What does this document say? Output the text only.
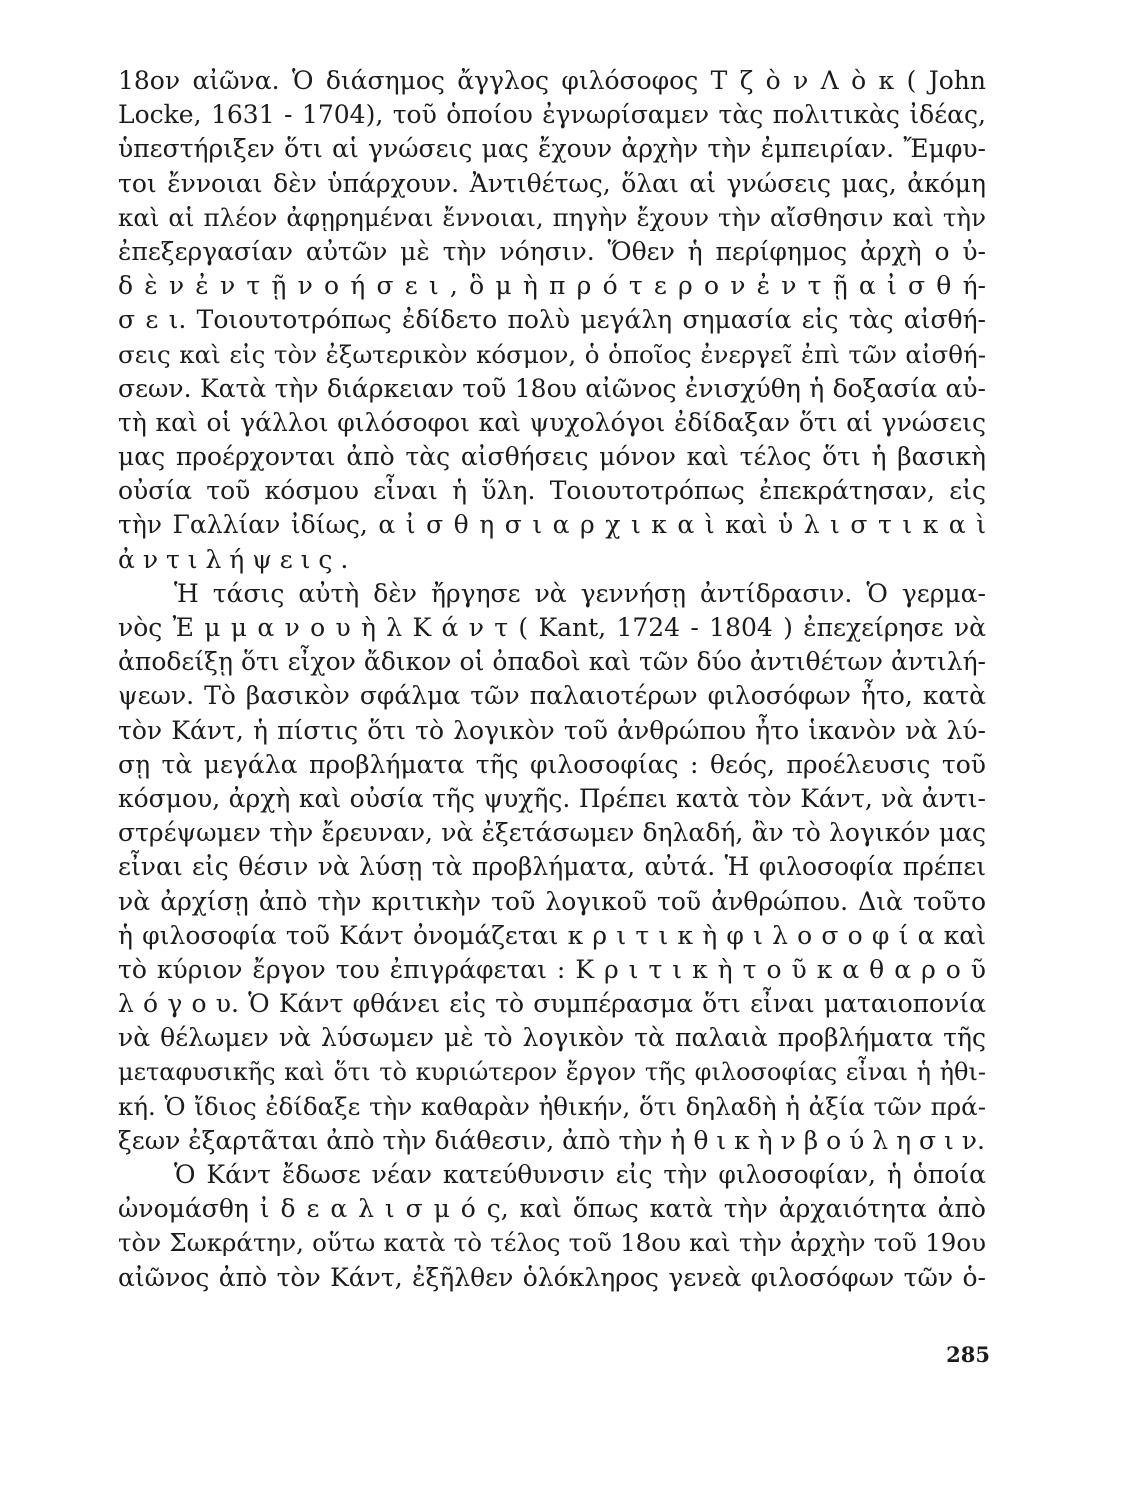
18ον αἰῶνα. Ὁ διάσημος ἄγγλος φιλόσοφος Τ ζ ὸ ν Λ ὸ κ ( John
Locke, 1631 - 1704), τοῦ ὁποίου ἐγνωρίσαμεν τὰς πολιτικὰς ἰδέας,
ὑπεστήριξεν ὅτι αἱ γνώσεις μας ἔχουν ἀρχὴν τὴν ἐμπειρίαν. Ἔμφυ-
τοι ἔννοιαι δὲν ὑπάρχουν. Ἀντιθέτως, ὅλαι αἱ γνώσεις μας, ἀκόμη
καὶ αἱ πλέον ἀφῃρημέναι ἔννοιαι, πηγὴν ἔχουν τὴν αἴσθησιν καὶ τὴν
ἐπεξεργασίαν αὐτῶν μὲ τὴν νόησιν. Ὅθεν ἡ περίφημος ἀρχὴ ο ὐ-
δ ὲ ν ἐ ν τ ῇ ν ο ή σ ε ι , ὃ μ ὴ π ρ ό τ ε ρ ο ν ἐ ν τ ῇ α ἰ σ θ ή-
σ ε ι. Τοιουτοτρόπως ἐδίδετο πολὺ μεγάλη σημασία εἰς τὰς αἰσθή-
σεις καὶ εἰς τὸν ἐξωτερικὸν κόσμον, ὁ ὁποῖος ἐνεργεῖ ἐπὶ τῶν αἰσθή-
σεων. Κατὰ τὴν διάρκειαν τοῦ 18ου αἰῶνος ἐνισχύθη ἡ δοξασία αὐ-
τὴ καὶ οἱ γάλλοι φιλόσοφοι καὶ ψυχολόγοι ἐδίδαξαν ὅτι αἱ γνώσεις
μας προέρχονται ἀπὸ τὰς αἰσθήσεις μόνον καὶ τέλος ὅτι ἡ βασικὴ
οὐσία τοῦ κόσμου εἶναι ἡ ὕλη. Τοιουτοτρόπως ἐπεκράτησαν, εἰς
τὴν Γαλλίαν ἰδίως, α ἰ σ θ η σ ι α ρ χ ι κ α ὶ καὶ ὑ λ ι σ τ ι κ α ὶ
ἀ ν τ ι λ ή ψ ε ι ς .
Ἡ τάσις αὐτὴ δὲν ἤργησε νὰ γεννήσῃ ἀντίδρασιν. Ὁ γερμα-
νὸς Ἐ μ μ α ν ο υ ὴ λ Κ ά ν τ ( Kant, 1724 - 1804 ) ἐπεχείρησε νὰ
ἀποδείξῃ ὅτι εἶχον ἄδικον οἱ ὀπαδοὶ καὶ τῶν δύο ἀντιθέτων ἀντιλή-
ψεων. Τὸ βασικὸν σφάλμα τῶν παλαιοτέρων φιλοσόφων ἦτο, κατὰ
τὸν Κάντ, ἡ πίστις ὅτι τὸ λογικὸν τοῦ ἀνθρώπου ἦτο ἱκανὸν νὰ λύ-
σῃ τὰ μεγάλα προβλήματα τῆς φιλοσοφίας : θεός, προέλευσις τοῦ
κόσμου, ἀρχὴ καὶ οὐσία τῆς ψυχῆς. Πρέπει κατὰ τὸν Κάντ, νὰ ἀντι-
στρέψωμεν τὴν ἔρευναν, νὰ ἐξετάσωμεν δηλαδή, ἂν τὸ λογικόν μας
εἶναι εἰς θέσιν νὰ λύσῃ τὰ προβλήματα, αὐτά. Ἡ φιλοσοφία πρέπει
νὰ ἀρχίσῃ ἀπὸ τὴν κριτικὴν τοῦ λογικοῦ τοῦ ἀνθρώπου. Διὰ τοῦτο
ἡ φιλοσοφία τοῦ Κάντ ὀνομάζεται κ ρ ι τ ι κ ὴ φ ι λ ο σ ο φ ί α καὶ
τὸ κύριον ἔργον του ἐπιγράφεται : Κ ρ ι τ ι κ ὴ τ ο ῦ κ α θ α ρ ο ῦ
λ ό γ ο υ. Ὁ Κάντ φθάνει εἰς τὸ συμπέρασμα ὅτι εἶναι ματαιοπονία
νὰ θέλωμεν νὰ λύσωμεν μὲ τὸ λογικὸν τὰ παλαιὰ προβλήματα τῆς
μεταφυσικῆς καὶ ὅτι τὸ κυριώτερον ἔργον τῆς φιλοσοφίας εἶναι ἡ ἠθι-
κή. Ὁ ἴδιος ἐδίδαξε τὴν καθαρὰν ἠθικήν, ὅτι δηλαδὴ ἡ ἀξία τῶν πρά-
ξεων ἐξαρτᾶται ἀπὸ τὴν διάθεσιν, ἀπὸ τὴν ἠ θ ι κ ὴ ν β ο ύ λ η σ ι ν.
Ὁ Κάντ ἔδωσε νέαν κατεύθυνσιν εἰς τὴν φιλοσοφίαν, ἡ ὁποία
ὠνομάσθη ἰ δ ε α λ ι σ μ ό ς, καὶ ὅπως κατὰ τὴν ἀρχαιότητα ἀπὸ
τὸν Σωκράτην, οὕτω κατὰ τὸ τέλος τοῦ 18ου καὶ τὴν ἀρχὴν τοῦ 19ου
αἰῶνος ἀπὸ τὸν Κάντ, ἐξῆλθεν ὁλόκληρος γενεὰ φιλοσόφων τῶν ὁ-
285
